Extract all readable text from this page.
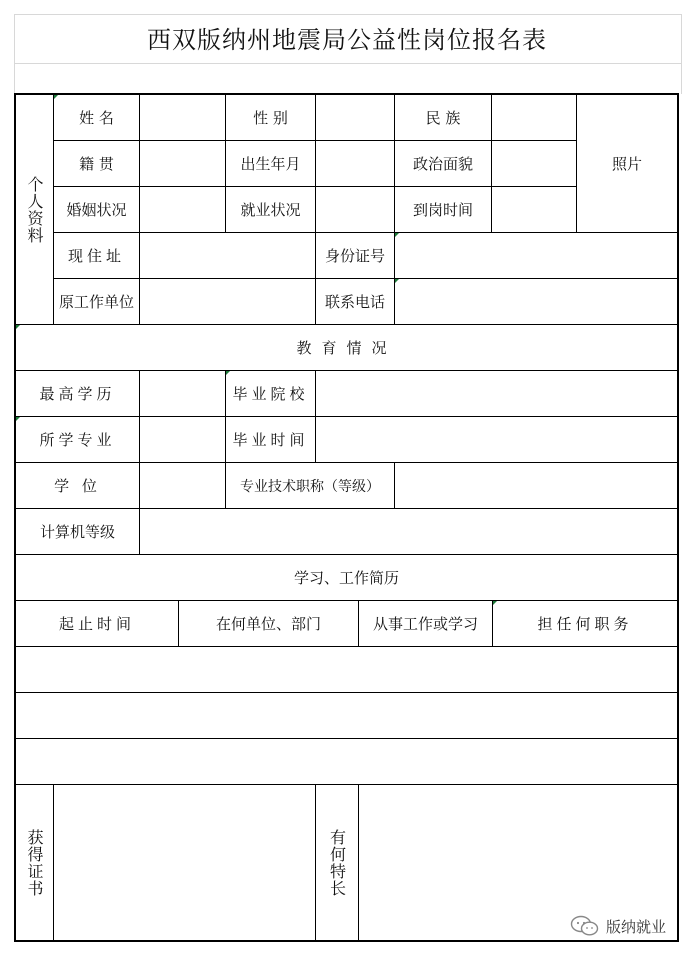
西双版纳州地震局公益性岗位报名表
个人资料
姓 名	性 别	民 族
照片
籍 贯	出生年月	政治面貌
婚姻状况	就业状况	到岗时间
现住址	身份证号
原工作单位	联系电话
教育情况
最高学历	毕业院校
所学专业	毕业时间
学 位	专业技术职称（等级）
计算机等级
学习、工作简历
起止时间	在何单位、部门	从事工作或学习	担任何职务
获得证书	有何特长
版纳就业
